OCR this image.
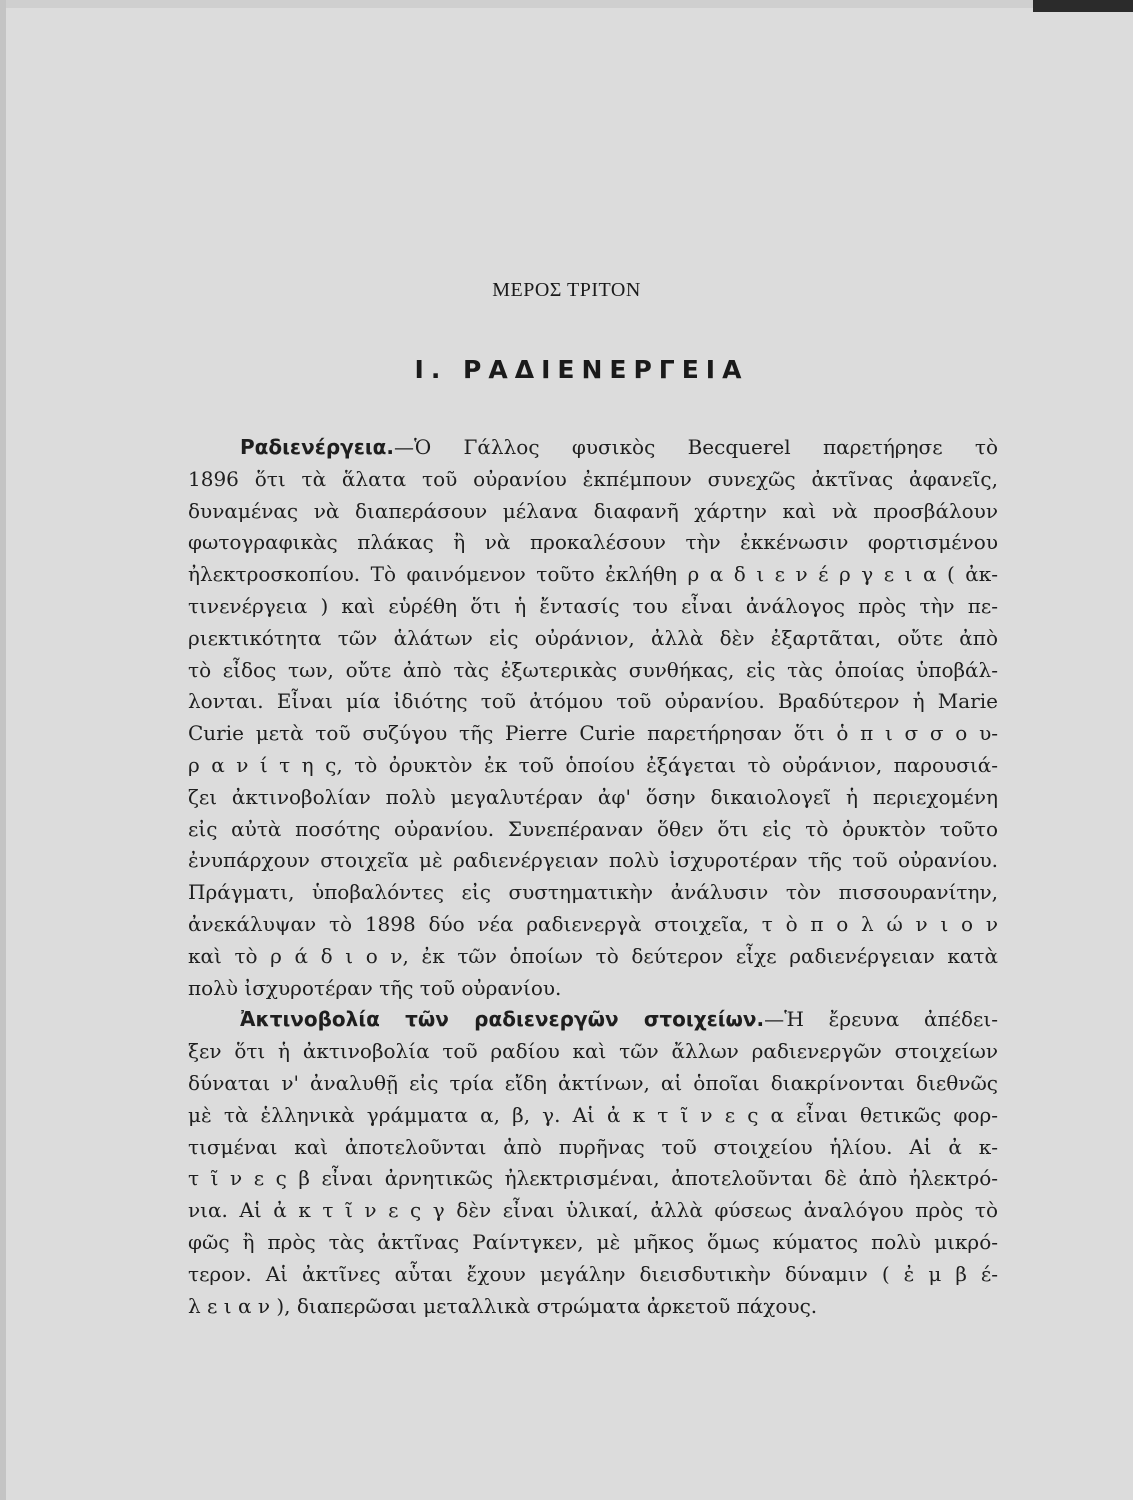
ΜΕΡΟΣ ΤΡΙΤΟΝ
I. ΡΑΔΙΕΝΕΡΓΕΙΑ
Ραδιενέργεια.—Ὁ Γάλλος φυσικὸς Becquerel παρετήρησε τὸ
1896 ὅτι τὰ ἅλατα τοῦ οὐρανίου ἐκπέμπουν συνεχῶς ἀκτῖνας ἀφανεῖς,
δυναμένας νὰ διαπεράσουν μέλανα διαφανῆ χάρτην καὶ νὰ προσβάλουν
φωτογραφικὰς πλάκας ἢ νὰ προκαλέσουν τὴν ἐκκένωσιν φορτισμένου
ἠλεκτροσκοπίου. Τὸ φαινόμενον τοῦτο ἐκλήθη ρ α δ ι ε ν έ ρ γ ε ι α ( ἀκ-
τινενέργεια ) καὶ εὑρέθη ὅτι ἡ ἔντασίς του εἶναι ἀνάλογος πρὸς τὴν πε-
ριεκτικότητα τῶν ἁλάτων εἰς οὐράνιον, ἀλλὰ δὲν ἐξαρτᾶται, οὔτε ἀπὸ
τὸ εἶδος των, οὔτε ἀπὸ τὰς ἐξωτερικὰς συνθήκας, εἰς τὰς ὁποίας ὑποβάλ-
λονται. Εἶναι μία ἰδιότης τοῦ ἀτόμου τοῦ οὐρανίου. Βραδύτερον ἡ Marie
Curie μετὰ τοῦ συζύγου τῆς Pierre Curie παρετήρησαν ὅτι ὁ π ι σ σ ο υ-
ρ α ν ί τ η ς, τὸ ὀρυκτὸν ἐκ τοῦ ὁποίου ἐξάγεται τὸ οὐράνιον, παρουσιά-
ζει ἀκτινοβολίαν πολὺ μεγαλυτέραν ἀφ' ὅσην δικαιολογεῖ ἡ περιεχομένη
εἰς αὐτὰ ποσότης οὐρανίου. Συνεπέραναν ὅθεν ὅτι εἰς τὸ ὀρυκτὸν τοῦτο
ἐνυπάρχουν στοιχεῖα μὲ ραδιενέργειαν πολὺ ἰσχυροτέραν τῆς τοῦ οὐρανίου.
Πράγματι, ὑποβαλόντες εἰς συστηματικὴν ἀνάλυσιν τὸν πισσουρανίτην,
ἀνεκάλυψαν τὸ 1898 δύο νέα ραδιενεργὰ στοιχεῖα, τ ὸ π ο λ ώ ν ι ο ν
καὶ τὸ ρ ά δ ι ο ν, ἐκ τῶν ὁποίων τὸ δεύτερον εἶχε ραδιενέργειαν κατὰ
πολὺ ἰσχυροτέραν τῆς τοῦ οὐρανίου.
Ἀκτινοβολία τῶν ραδιενεργῶν στοιχείων.—Ἡ ἔρευνα ἀπέδει-
ξεν ὅτι ἡ ἀκτινοβολία τοῦ ραδίου καὶ τῶν ἄλλων ραδιενεργῶν στοιχείων
δύναται ν' ἀναλυθῇ εἰς τρία εἴδη ἀκτίνων, αἱ ὁποῖαι διακρίνονται διεθνῶς
μὲ τὰ ἑλληνικὰ γράμματα α, β, γ. Αἱ ἀ κ τ ῖ ν ε ς α εἶναι θετικῶς φορ-
τισμέναι καὶ ἀποτελοῦνται ἀπὸ πυρῆνας τοῦ στοιχείου ἡλίου. Αἱ ἀ κ-
τ ῖ ν ε ς β εἶναι ἀρνητικῶς ἠλεκτρισμέναι, ἀποτελοῦνται δὲ ἀπὸ ἠλεκτρό-
νια. Αἱ ἀ κ τ ῖ ν ε ς γ δὲν εἶναι ὑλικαί, ἀλλὰ φύσεως ἀναλόγου πρὸς τὸ
φῶς ἢ πρὸς τὰς ἀκτῖνας Ραίντγκεν, μὲ μῆκος ὅμως κύματος πολὺ μικρό-
τερον. Αἱ ἀκτῖνες αὗται ἔχουν μεγάλην διεισδυτικὴν δύναμιν ( ἐ μ β έ-
λ ε ι α ν ), διαπερῶσαι μεταλλικὰ στρώματα ἀρκετοῦ πάχους.
